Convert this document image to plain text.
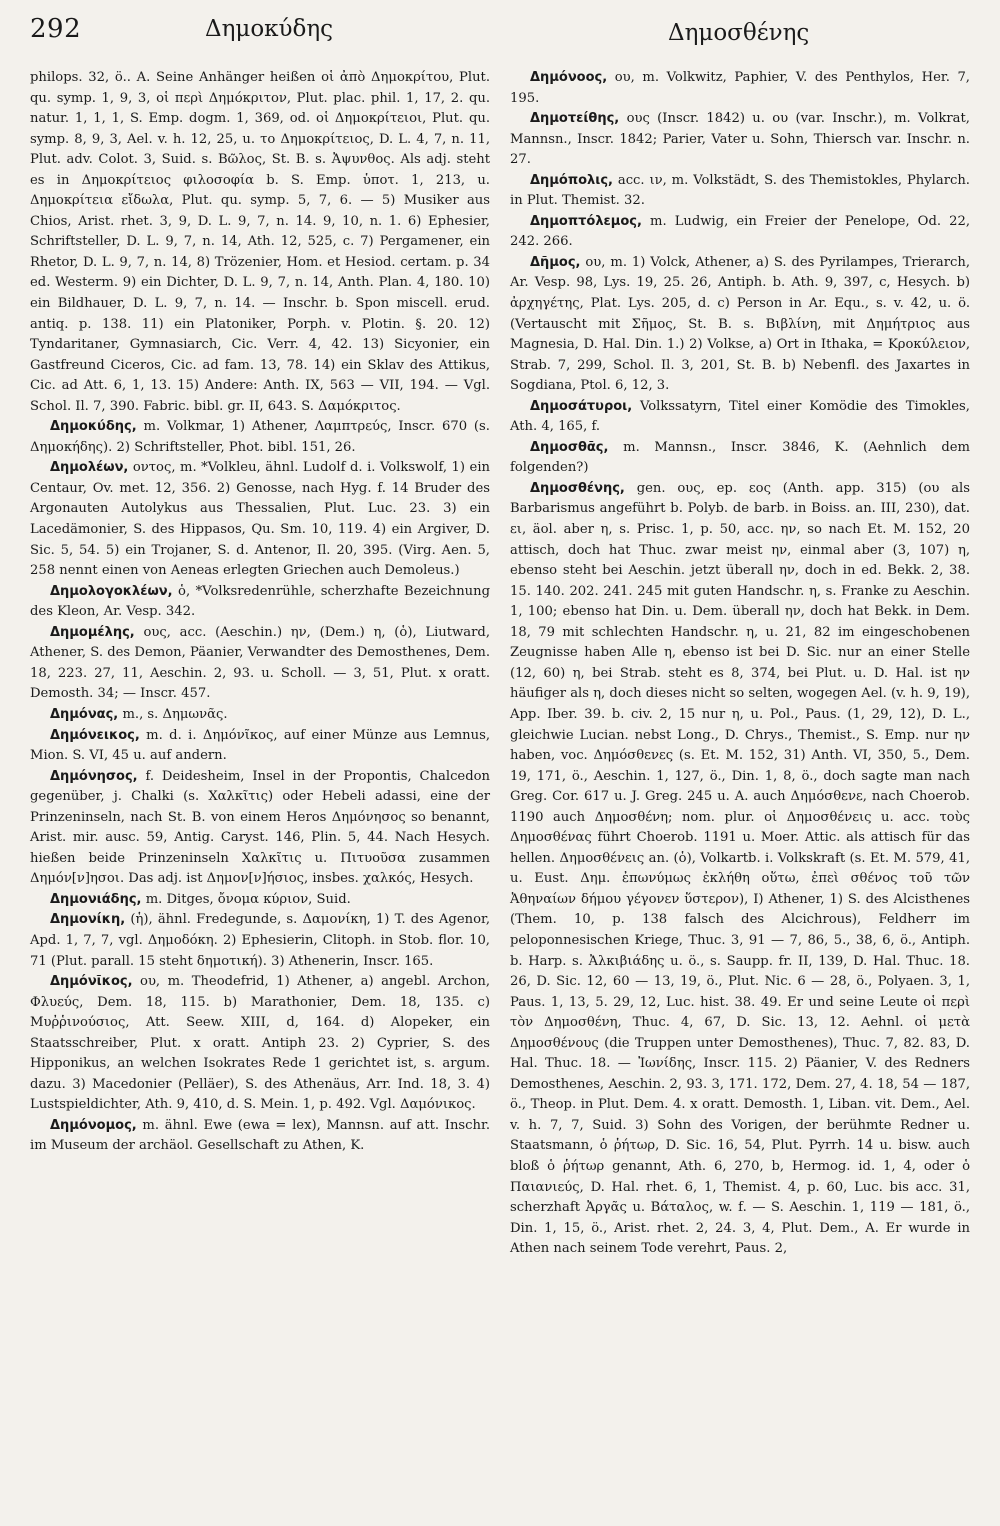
292	Δημοκύδης	Δημοσθένης

philops. 32, ö.. A. Seine Anhänger heißen οἱ ἀπὸ Δημοκρίτου, Plut. qu. symp. 1, 9, 3, οἱ περὶ Δημόκριτον, Plut. plac. phil. 1, 17, 2. qu. natur. 1, 1, 1, S. Emp. dogm. 1, 369, od. οἱ Δημοκρίτειοι, Plut. qu. symp. 8, 9, 3, Ael. v. h. 12, 25, u. το Δημοκρίτειος, D. L. 4, 7, n. 11, Plut. adv. Colot. 3, Suid. s. Βῶλος, St. B. s. Ἀψυνθος. Als adj. steht es in Δημοκρίτειος φιλοσοφία b. S. Emp. ὑποτ. 1, 213, u. Δημοκρίτεια εἴδωλα, Plut. qu. symp. 5, 7, 6. — 5) Musiker aus Chios, Arist. rhet. 3, 9, D. L. 9, 7, n. 14. 9, 10, n. 1. 6) Ephesier, Schriftsteller, D. L. 9, 7, n. 14, Ath. 12, 525, c. 7) Pergamener, ein Rhetor, D. L. 9, 7, n. 14, 8) Trözenier, Hom. et Hesiod. certam. p. 34 ed. Westerm. 9) ein Dichter, D. L. 9, 7, n. 14, Anth. Plan. 4, 180. 10) ein Bildhauer, D. L. 9, 7, n. 14. — Inschr. b. Spon miscell. erud. antiq. p. 138. 11) ein Platoniker, Porph. v. Plotin. §. 20. 12) Tyndaritaner, Gymnasiarch, Cic. Verr. 4, 42. 13) Sicyonier, ein Gastfreund Ciceros, Cic. ad fam. 13, 78. 14) ein Sklav des Attikus, Cic. ad Att. 6, 1, 13. 15) Andere: Anth. IX, 563 — VII, 194. — Vgl. Schol. Il. 7, 390. Fabric. bibl. gr. II, 643. S. Δαμόκριτος.

Δημοκύδης, m. Volkmar, 1) Athener, Λαμπτρεύς, Inscr. 670 (s. Δημοκήδης). 2) Schriftsteller, Phot. bibl. 151, 26.

Δημολέων, οντος, m. *Volkleu, ähnl. Ludolf d. i. Volkswolf, 1) ein Centaur, Ov. met. 12, 356. 2) Genosse, nach Hyg. f. 14 Bruder des Argonauten Autolykus aus Thessalien, Plut. Luc. 23. 3) ein Lacedämonier, S. des Hippasos, Qu. Sm. 10, 119. 4) ein Argiver, D. Sic. 5, 54. 5) ein Trojaner, S. d. Antenor, Il. 20, 395. (Virg. Aen. 5, 258 nennt einen von Aeneas erlegten Griechen auch Demoleus.)

Δημολογοκλέων, ὁ, *Volksredenrühle, scherzhafte Bezeichnung des Kleon, Ar. Vesp. 342.

Δημομέλης, ους, acc. (Aeschin.) ην, (Dem.) η, (ὁ), Liutward, Athener, S. des Demon, Päanier, Verwandter des Demosthenes, Dem. 18, 223. 27, 11, Aeschin. 2, 93. u. Scholl. — 3, 51, Plut. x oratt. Demosth. 34; — Inscr. 457.

Δημόνας, m., s. Δημωνᾶς.

Δημόνεικος, m. d. i. Δημόνῖκος, auf einer Münze aus Lemnus, Mion. S. VI, 45 u. auf andern.

Δημόνησος, f. Deidesheim, Insel in der Propontis, Chalcedon gegenüber, j. Chalki (s. Χαλκῖτις) oder Hebeli adassi, eine der Prinzeninseln, nach St. B. von einem Heros Δημόνησος so benannt, Arist. mir. ausc. 59, Antig. Caryst. 146, Plin. 5, 44. Nach Hesych. hießen beide Prinzeninseln Χαλκῖτις u. Πιτυοῦσα zusammen Δημόν[ν]ησοι. Das adj. ist Δημον[ν]ήσιος, insbes. χαλκός, Hesych.

Δημονιάδης, m. Ditges, ὄνομα κύριον, Suid.

Δημονίκη, (ἡ), ähnl. Fredegunde, s. Δαμονίκη, 1) T. des Agenor, Apd. 1, 7, 7, vgl. Δημοδόκη. 2) Ephesierin, Clitoph. in Stob. flor. 10, 71 (Plut. parall. 15 steht δημοτική). 3) Athenerin, Inscr. 165.

Δημόνῖκος, ου, m. Theodefrid, 1) Athener, a) angebl. Archon, Φλυεύς, Dem. 18, 115. b) Marathonier, Dem. 18, 135. c) Μυῤῥινούσιος, Att. Seew. XIII, d, 164. d) Alopeker, ein Staatsschreiber, Plut. x oratt. Antiph 23. 2) Cyprier, S. des Hipponikus, an welchen Isokrates Rede 1 gerichtet ist, s. argum. dazu. 3) Macedonier (Pelläer), S. des Athenäus, Arr. Ind. 18, 3. 4) Lustspieldichter, Ath. 9, 410, d. S. Mein. 1, p. 492. Vgl. Δαμόνικος.

Δημόνομος, m. ähnl. Ewe (ewa = lex), Mannsn. auf att. Inschr. im Museum der archäol. Gesellschaft zu Athen, K.

Δημόνοος, ου, m. Volkwitz, Paphier, V. des Penthylos, Her. 7, 195.

Δημοτείθης, ους (Inscr. 1842) u. ου (var. Inschr.), m. Volkrat, Mannsn., Inscr. 1842; Parier, Vater u. Sohn, Thiersch var. Inschr. n. 27.

Δημόπολις, acc. ιν, m. Volkstädt, S. des Themistokles, Phylarch. in Plut. Themist. 32.

Δημοπτόλεμος, m. Ludwig, ein Freier der Penelope, Od. 22, 242. 266.

Δῆμος, ου, m. 1) Volck, Athener, a) S. des Pyrilampes, Trierarch, Ar. Vesp. 98, Lys. 19, 25. 26, Antiph. b. Ath. 9, 397, c, Hesych. b) ἀρχηγέτης, Plat. Lys. 205, d. c) Person in Ar. Equ., s. v. 42, u. ö. (Vertauscht mit Σῆμος, St. B. s. Βιβλίνη, mit Δημήτριος aus Magnesia, D. Hal. Din. 1.) 2) Volkse, a) Ort in Ithaka, = Κροκύλειον, Strab. 7, 299, Schol. Il. 3, 201, St. B. b) Nebenfl. des Jaxartes in Sogdiana, Ptol. 6, 12, 3.

Δημοσάτυροι, Volkssatyrn, Titel einer Komödie des Timokles, Ath. 4, 165, f.

Δημοσθᾶς, m. Mannsn., Inscr. 3846, K. (Aehnlich dem folgenden?)

Δημοσθένης, gen. ους, ep. εος (Anth. app. 315) (ου als Barbarismus angeführt b. Polyb. de barb. in Boiss. an. III, 230), dat. ει, äol. aber η, s. Prisc. 1, p. 50, acc. ην, so nach Et. M. 152, 20 attisch, doch hat Thuc. zwar meist ην, einmal aber (3, 107) η, ebenso steht bei Aeschin. jetzt überall ην, doch in ed. Bekk. 2, 38. 15. 140. 202. 241. 245 mit guten Handschr. η, s. Franke zu Aeschin. 1, 100; ebenso hat Din. u. Dem. überall ην, doch hat Bekk. in Dem. 18, 79 mit schlechten Handschr. η, u. 21, 82 im eingeschobenen Zeugnisse haben Alle η, ebenso ist bei D. Sic. nur an einer Stelle (12, 60) η, bei Strab. steht es 8, 374, bei Plut. u. D. Hal. ist ην häufiger als η, doch dieses nicht so selten, wogegen Ael. (v. h. 9, 19), App. Iber. 39. b. civ. 2, 15 nur η, u. Pol., Paus. (1, 29, 12), D. L., gleichwie Lucian. nebst Long., D. Chrys., Themist., S. Emp. nur ην haben, voc. Δημόσθενες (s. Et. M. 152, 31) Anth. VI, 350, 5., Dem. 19, 171, ö., Aeschin. 1, 127, ö., Din. 1, 8, ö., doch sagte man nach Greg. Cor. 617 u. J. Greg. 245 u. A. auch Δημόσθενε, nach Choerob. 1190 auch Δημοσθένη; nom. plur. οἱ Δημοσθένεις u. acc. τοὺς Δημοσθένας führt Choerob. 1191 u. Moer. Attic. als attisch für das hellen. Δημοσθένεις an. (ὁ), Volkartb. i. Volkskraft (s. Et. M. 579, 41, u. Eust. Δημ. ἐπωνύμως ἐκλήθη οὕτω, ἐπεὶ σθένος τοῦ τῶν Ἀθηναίων δήμου γέγονεν ὕστερον), I) Athener, 1) S. des Alcisthenes (Them. 10, p. 138 falsch des Alcichrous), Feldherr im peloponnesischen Kriege, Thuc. 3, 91 — 7, 86, 5., 38, 6, ö., Antiph. b. Harp. s. Ἀλκιβιάδης u. ö., s. Saupp. fr. II, 139, D. Hal. Thuc. 18. 26, D. Sic. 12, 60 — 13, 19, ö., Plut. Nic. 6 — 28, ö., Polyaen. 3, 1, Paus. 1, 13, 5. 29, 12, Luc. hist. 38. 49. Er und seine Leute οἱ περὶ τὸν Δημοσθένη, Thuc. 4, 67, D. Sic. 13, 12. Aehnl. οἱ μετὰ Δημοσθένους (die Truppen unter Demosthenes), Thuc. 7, 82. 83, D. Hal. Thuc. 18. — Ἰωνίδης, Inscr. 115. 2) Päanier, V. des Redners Demosthenes, Aeschin. 2, 93. 3, 171. 172, Dem. 27, 4. 18, 54 — 187, ö., Theop. in Plut. Dem. 4. x oratt. Demosth. 1, Liban. vit. Dem., Ael. v. h. 7, 7, Suid. 3) Sohn des Vorigen, der berühmte Redner u. Staatsmann, ὁ ῥήτωρ, D. Sic. 16, 54, Plut. Pyrrh. 14 u. bisw. auch bloß ὁ ῥήτωρ genannt, Ath. 6, 270, b, Hermog. id. 1, 4, oder ὁ Παιανιεύς, D. Hal. rhet. 6, 1, Themist. 4, p. 60, Luc. bis acc. 31, scherzhaft Ἀργᾶς u. Βάταλος, w. f. — S. Aeschin. 1, 119 — 181, ö., Din. 1, 15, ö., Arist. rhet. 2, 24. 3, 4, Plut. Dem., A. Er wurde in Athen nach seinem Tode verehrt, Paus. 2,
